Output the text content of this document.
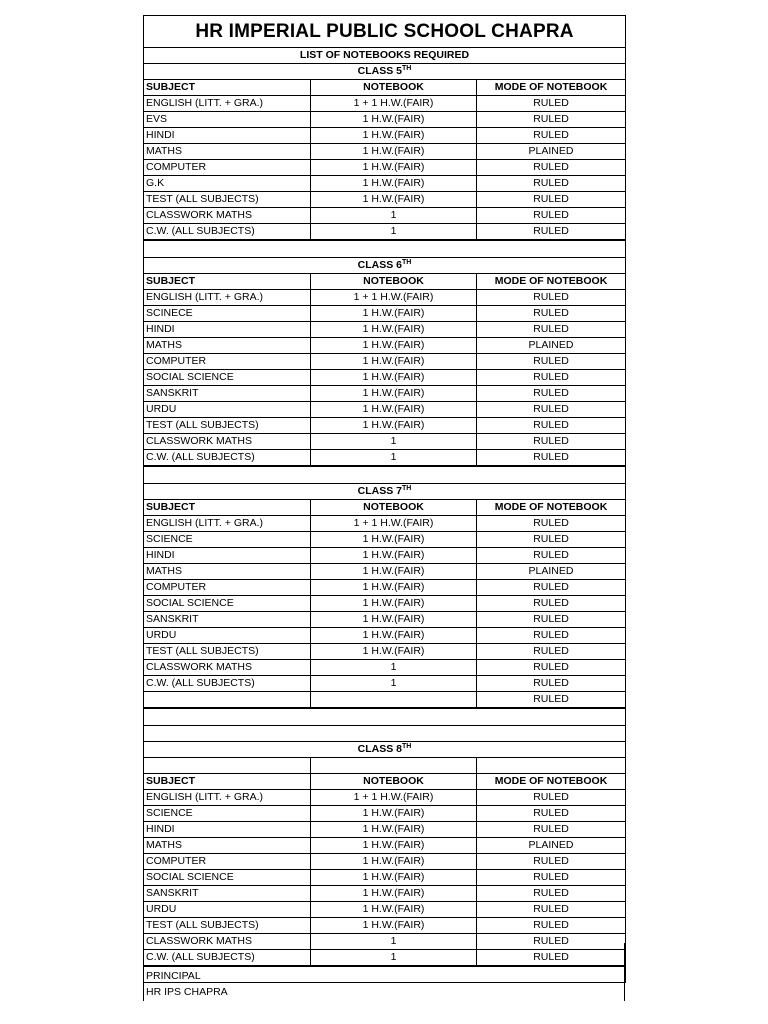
HR IMPERIAL PUBLIC SCHOOL CHAPRA		
LIST OF NOTEBOOKS REQUIRED		
CLASS 5TH
SUBJECT	NOTEBOOK	MODE OF NOTEBOOK
ENGLISH (LITT. + GRA.)	1 + 1 H.W.(FAIR)	RULED
EVS	1 H.W.(FAIR)	RULED
HINDI	1 H.W.(FAIR)	RULED
MATHS	1 H.W.(FAIR)	PLAINED
COMPUTER	1 H.W.(FAIR)	RULED
G.K	1 H.W.(FAIR)	RULED
TEST (ALL SUBJECTS)	1 H.W.(FAIR)	RULED
CLASSWORK MATHS	1	RULED
C.W. (ALL SUBJECTS)	1	RULED

CLASS 6TH
SUBJECT	NOTEBOOK	MODE OF NOTEBOOK
ENGLISH (LITT. + GRA.)	1 + 1 H.W.(FAIR)	RULED
SCINECE	1 H.W.(FAIR)	RULED
HINDI	1 H.W.(FAIR)	RULED
MATHS	1 H.W.(FAIR)	PLAINED
COMPUTER	1 H.W.(FAIR)	RULED
SOCIAL SCIENCE	1 H.W.(FAIR)	RULED
SANSKRIT	1 H.W.(FAIR)	RULED
URDU	1 H.W.(FAIR)	RULED
TEST (ALL SUBJECTS)	1 H.W.(FAIR)	RULED
CLASSWORK MATHS	1	RULED
C.W. (ALL SUBJECTS)	1	RULED

CLASS 7TH
SUBJECT	NOTEBOOK	MODE OF NOTEBOOK
ENGLISH (LITT. + GRA.)	1 + 1 H.W.(FAIR)	RULED
SCIENCE	1 H.W.(FAIR)	RULED
HINDI	1 H.W.(FAIR)	RULED
MATHS	1 H.W.(FAIR)	PLAINED
COMPUTER	1 H.W.(FAIR)	RULED
SOCIAL SCIENCE	1 H.W.(FAIR)	RULED
SANSKRIT	1 H.W.(FAIR)	RULED
URDU	1 H.W.(FAIR)	RULED
TEST (ALL SUBJECTS)	1 H.W.(FAIR)	RULED
CLASSWORK MATHS	1	RULED
C.W. (ALL SUBJECTS)	1	RULED
		RULED

CLASS 8TH

SUBJECT	NOTEBOOK	MODE OF NOTEBOOK
ENGLISH (LITT. + GRA.)	1 + 1 H.W.(FAIR)	RULED
SCIENCE	1 H.W.(FAIR)	RULED
HINDI	1 H.W.(FAIR)	RULED
MATHS	1 H.W.(FAIR)	PLAINED
COMPUTER	1 H.W.(FAIR)	RULED
SOCIAL SCIENCE	1 H.W.(FAIR)	RULED
SANSKRIT	1 H.W.(FAIR)	RULED
URDU	1 H.W.(FAIR)	RULED
TEST (ALL SUBJECTS)	1 H.W.(FAIR)	RULED
CLASSWORK MATHS	1	RULED
C.W. (ALL SUBJECTS)	1	RULED

PRINCIPAL
HR IPS CHAPRA
